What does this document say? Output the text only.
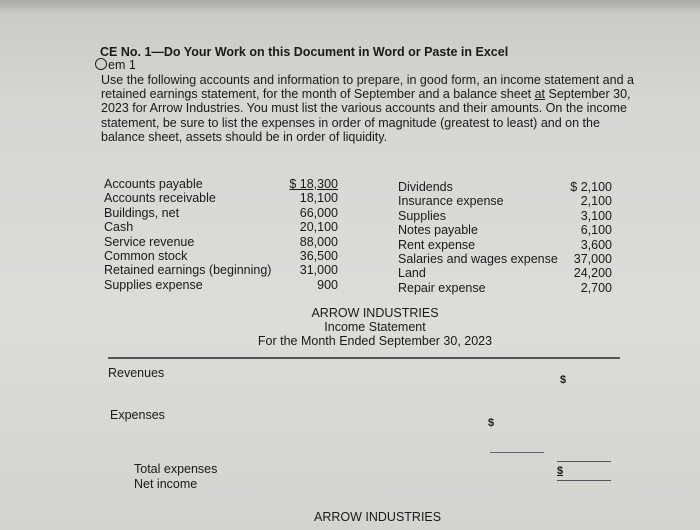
CE No. 1—Do Your Work on this Document in Word or Paste in Excel
em 1
Use the following accounts and information to prepare, in good form, an income statement and a retained earnings statement, for the month of September and a balance sheet at September 30, 2023 for Arrow Industries. You must list the various accounts and their amounts. On the income statement, be sure to list the expenses in order of magnitude (greatest to least) and on the balance sheet, assets should be in order of liquidity.
Accounts payable
Accounts receivable
Buildings, net
Cash
Service revenue
Common stock
Retained earnings (beginning)
Supplies expense
$ 18,300
18,100
66,000
20,100
88,000
36,500
31,000
900
Dividends
Insurance expense
Supplies
Notes payable
Rent expense
Salaries and wages expense
Land
Repair expense
$ 2,100
2,100
3,100
6,100
3,600
37,000
24,200
2,700
ARROW INDUSTRIES
Income Statement
For the Month Ended September 30, 2023
Revenues	$
Expenses
$
$
Total expenses
Net income
ARROW INDUSTRIES
